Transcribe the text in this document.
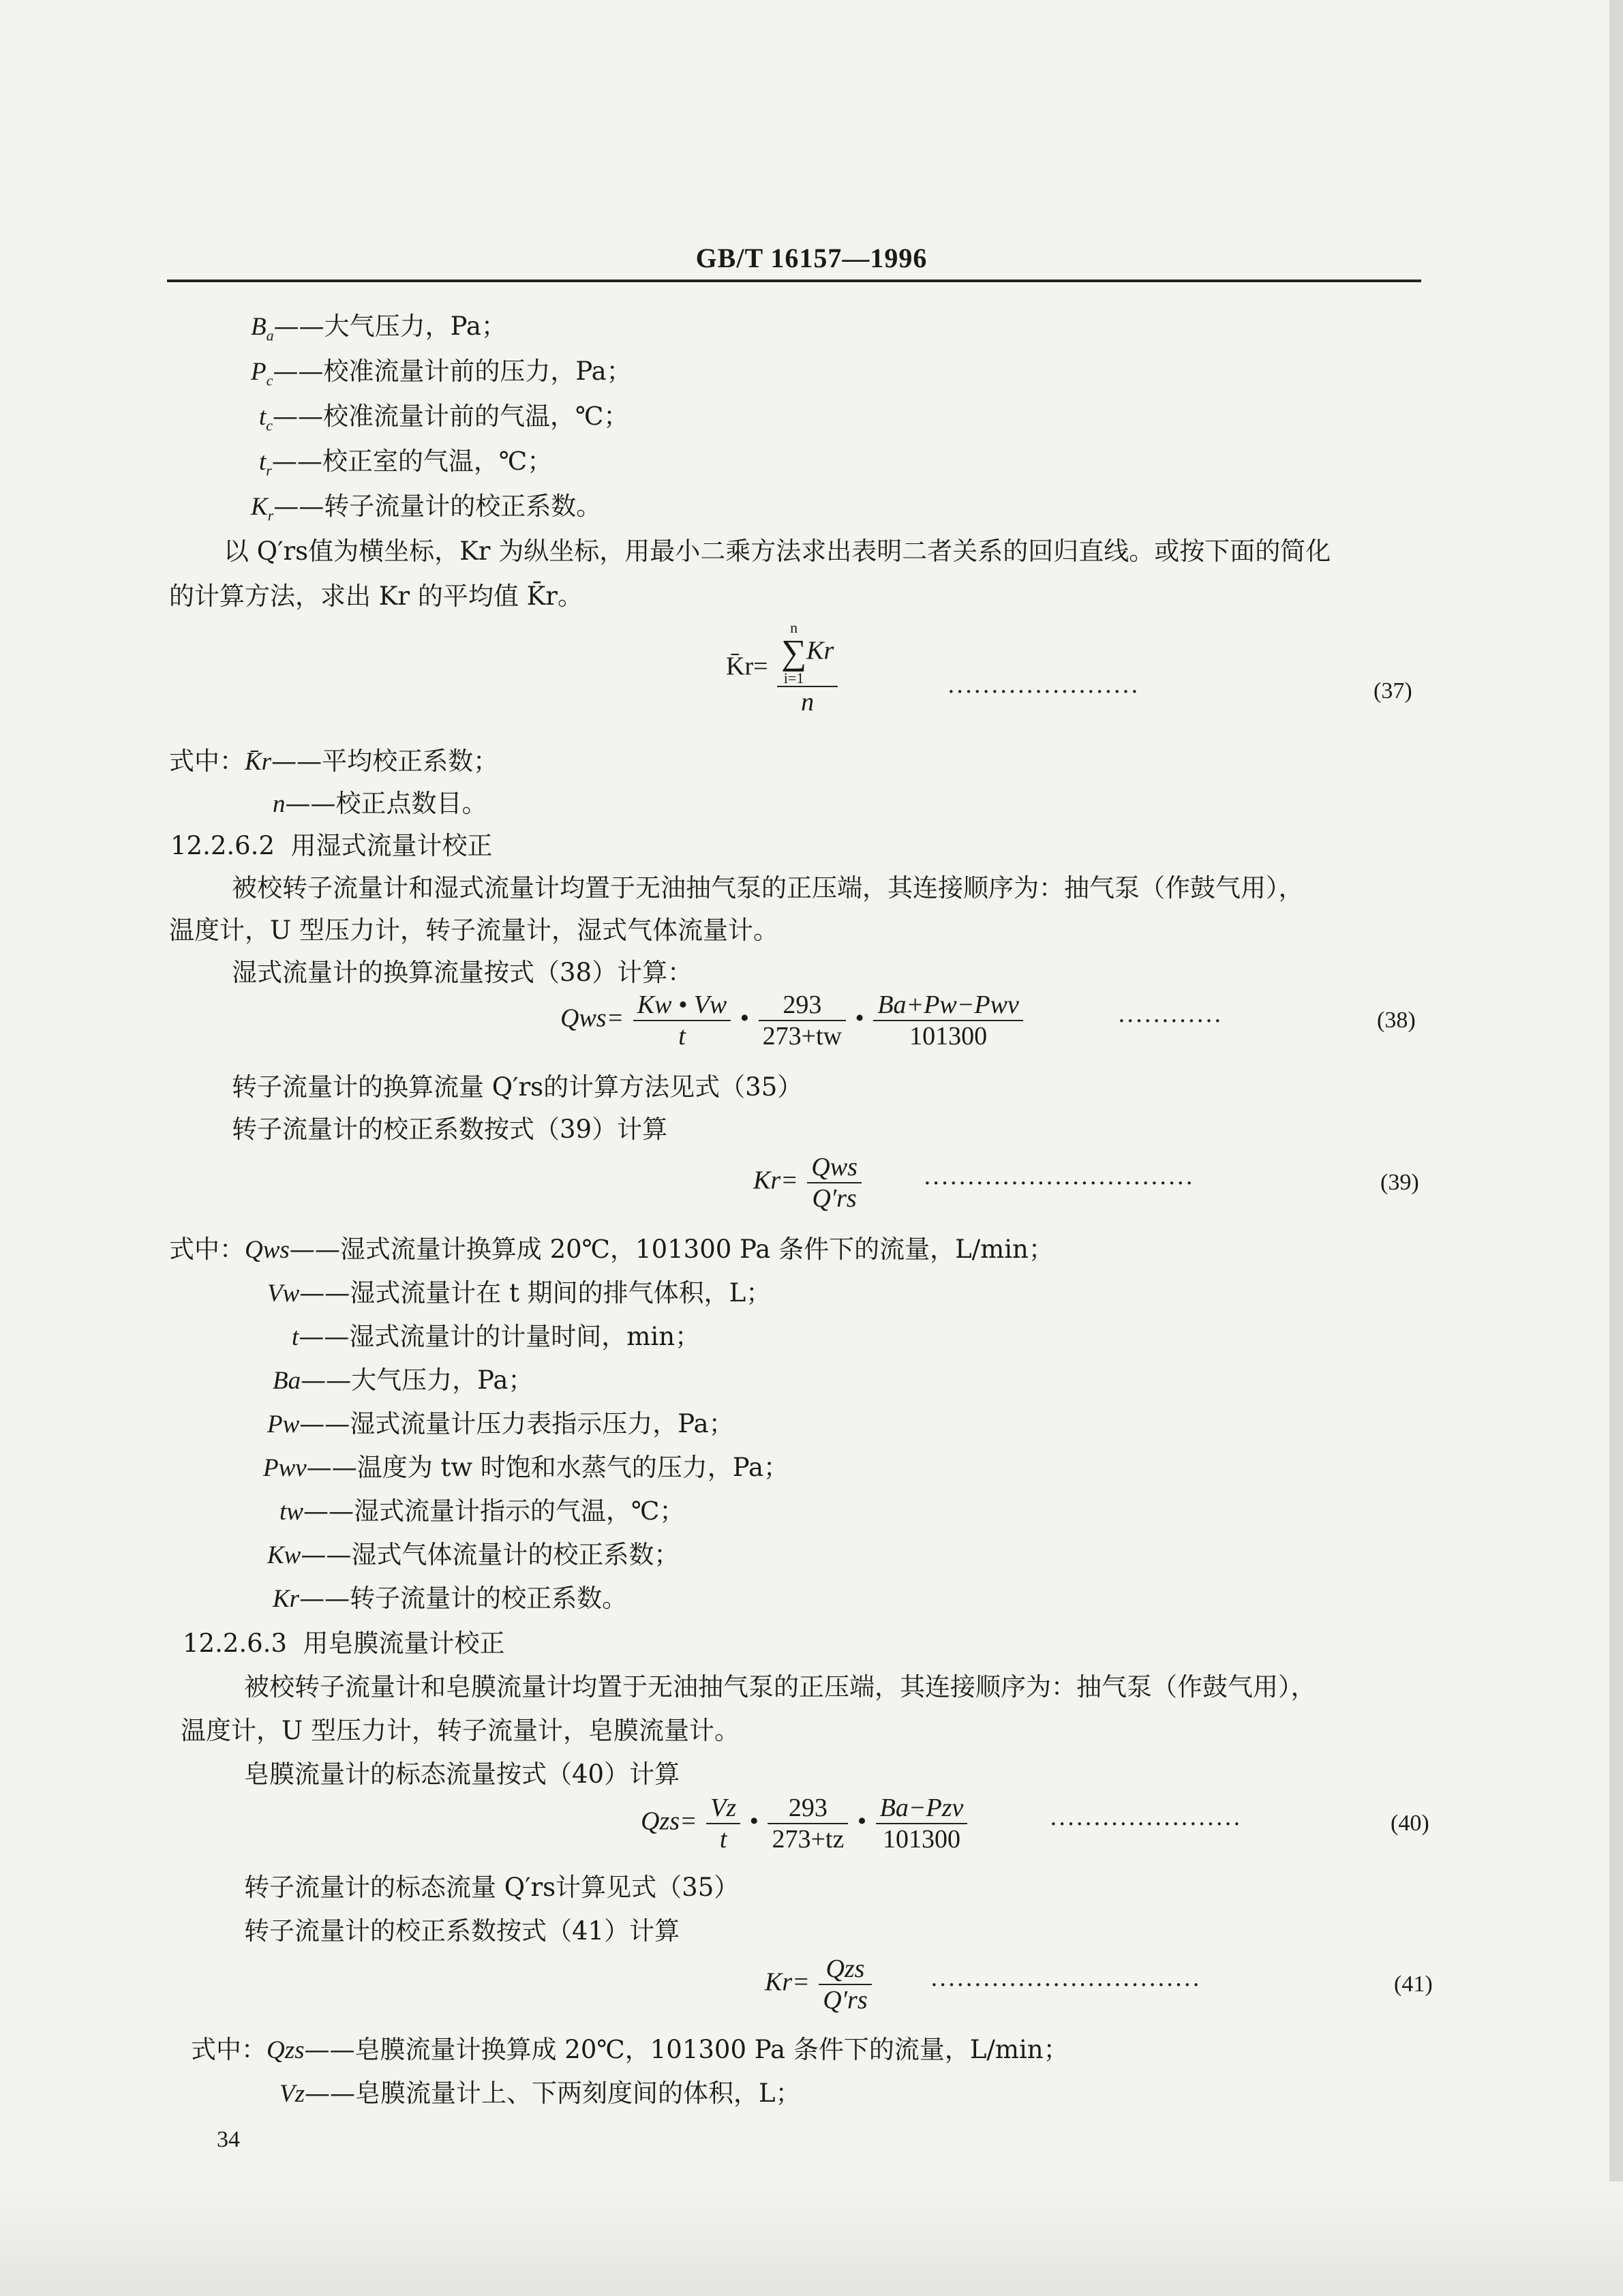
GB/T 16157—1996
$B_a——$大气压力，Pa；
$P_c——$校准流量计前的压力，Pa；
$t_c——$校准流量计前的气温，℃；
$t_r——$校正室的气温，℃；
$K_r——$转子流量计的校正系数。
以 Q′rs值为横坐标，Kr 为纵坐标，用最小二乘方法求出表明二者关系的回归直线。或按下面的简化
的计算方法，求出 Kr 的平均值 K̄r。
K̄r= n
∑
i=1
Kr
n	······················	(37)
式中：K̄r——平均校正系数；
n——校正点数目。
12.2.6.2 用湿式流量计校正
被校转子流量计和湿式流量计均置于无油抽气泵的正压端，其连接顺序为：抽气泵（作鼓气用），
温度计，U 型压力计，转子流量计，湿式气体流量计。
湿式流量计的换算流量按式（38）计算：
$Qws= \frac{Kw • Vw}{t}$ • $\frac{293}{273+tw}$ • $\frac{\text{Ba+Pw−Pwv}}{101300}$	············	(38)
转子流量计的换算流量 Q′rs的计算方法见式（35）
转子流量计的校正系数按式（39）计算
$Kr= \frac{\text{Qws}}{Q'rs}$	·······························	(39)
式中：Qws——湿式流量计换算成 20℃，101300 Pa 条件下的流量，L/min；
Vw——湿式流量计在 t 期间的排气体积，L；
t——湿式流量计的计量时间，min；
Ba——大气压力，Pa；
Pw——湿式流量计压力表指示压力，Pa；
Pwv——温度为 tw 时饱和水蒸气的压力，Pa；
tw——湿式流量计指示的气温，℃；
Kw——湿式气体流量计的校正系数；
Kr——转子流量计的校正系数。
12.2.6.3 用皂膜流量计校正
被校转子流量计和皂膜流量计均置于无油抽气泵的正压端，其连接顺序为：抽气泵（作鼓气用），
温度计，U 型压力计，转子流量计，皂膜流量计。
皂膜流量计的标态流量按式（40）计算
$Qzs= \frac{Vz}{t}$ • $\frac{293}{273+tz}$ • $\frac{\text{Ba−Pzv}}{101300}$	······················	(40)
转子流量计的标态流量 Q′rs计算见式（35）
转子流量计的校正系数按式（41）计算
$Kr= \frac{\text{Qzs}}{Q'rs}$	·······························	(41)
式中：Qzs——皂膜流量计换算成 20℃，101300 Pa 条件下的流量，L/min；
Vz——皂膜流量计上、下两刻度间的体积，L；
34
